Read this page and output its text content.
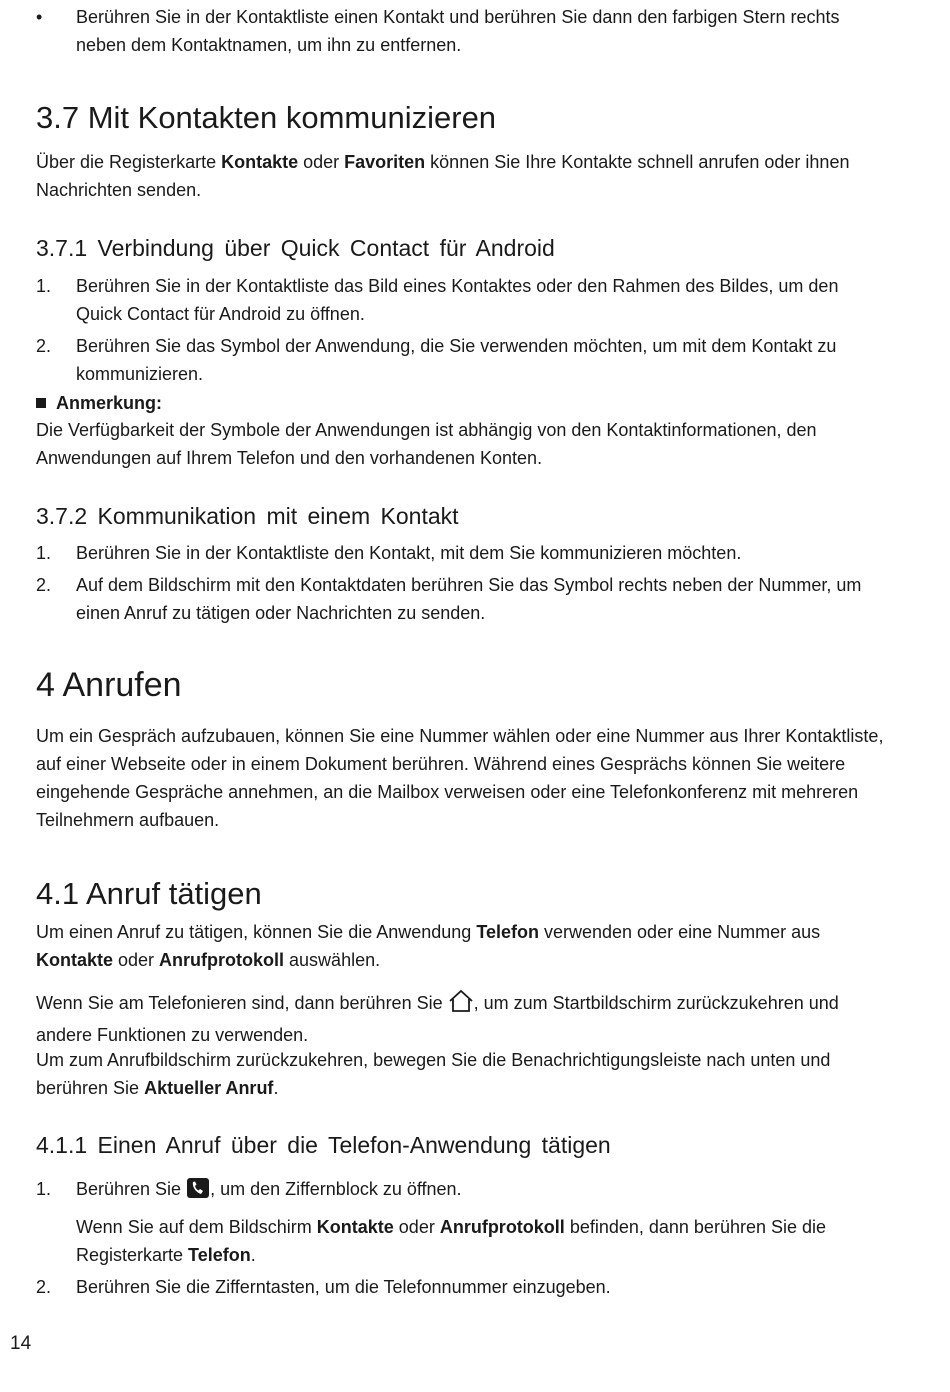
• Berühren Sie in der Kontaktliste einen Kontakt und berühren Sie dann den farbigen Stern rechts neben dem Kontaktnamen, um ihn zu entfernen.

3.7 Mit Kontakten kommunizieren

Über die Registerkarte Kontakte oder Favoriten können Sie Ihre Kontakte schnell anrufen oder ihnen Nachrichten senden.

3.7.1 Verbindung über Quick Contact für Android
1. Berühren Sie in der Kontaktliste das Bild eines Kontaktes oder den Rahmen des Bildes, um den Quick Contact für Android zu öffnen.
2. Berühren Sie das Symbol der Anwendung, die Sie verwenden möchten, um mit dem Kontakt zu kommunizieren.
Anmerkung:

Die Verfügbarkeit der Symbole der Anwendungen ist abhängig von den Kontaktinformationen, den Anwendungen auf Ihrem Telefon und den vorhandenen Konten.

3.7.2 Kommunikation mit einem Kontakt
1. Berühren Sie in der Kontaktliste den Kontakt, mit dem Sie kommunizieren möchten.
2. Auf dem Bildschirm mit den Kontaktdaten berühren Sie das Symbol rechts neben der Nummer, um einen Anruf zu tätigen oder Nachrichten zu senden.
4 Anrufen

Um ein Gespräch aufzubauen, können Sie eine Nummer wählen oder eine Nummer aus Ihrer Kontaktliste, auf einer Webseite oder in einem Dokument berühren. Während eines Gesprächs können Sie weitere eingehende Gespräche annehmen, an die Mailbox verweisen oder eine Telefonkonferenz mit mehreren Teilnehmern aufbauen.

4.1 Anruf tätigen

Um einen Anruf zu tätigen, können Sie die Anwendung Telefon verwenden oder eine Nummer aus Kontakte oder Anrufprotokoll auswählen.

Wenn Sie am Telefonieren sind, dann berühren Sie , um zum Startbildschirm zurückzukehren und andere Funktionen zu verwenden.

Um zum Anrufbildschirm zurückzukehren, bewegen Sie die Benachrichtigungsleiste nach unten und berühren Sie Aktueller Anruf.

4.1.1 Einen Anruf über die Telefon-Anwendung tätigen
1. Berühren Sie , um den Ziffernblock zu öffnen.
Wenn Sie auf dem Bildschirm Kontakte oder Anrufprotokoll befinden, dann berühren Sie die Registerkarte Telefon.
2. Berühren Sie die Zifferntasten, um die Telefonnummer einzugeben.
14
